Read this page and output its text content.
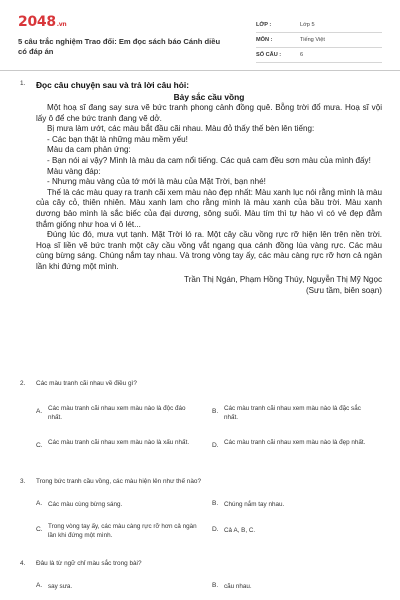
2048.vn
5 câu trắc nghiệm Trao đổi: Em đọc sách báo Cánh diều có đáp án
LỚP :	Lớp 5
MÔN :	Tiếng Việt
SỐ CÂU :	6
1. Đọc câu chuyện sau và trả lời câu hỏi:
Bảy sắc cầu vồng

Một hoạ sĩ đang say sưa vẽ bức tranh phong cảnh đồng quê. Bỗng trời đổ mưa. Hoạ sĩ vội lấy ô để che bức tranh đang vẽ dở.

Bị mưa làm ướt, các màu bắt đầu cãi nhau. Màu đỏ thấy thế bèn lên tiếng:

- Các bạn thật là những màu mềm yếu!

Màu da cam phản ứng:

- Bạn nói ai vậy? Mình là màu da cam nổi tiếng. Các quả cam đều sơn màu của mình đấy!

Màu vàng đáp:

- Nhưng màu vàng của tớ mới là màu của Mặt Trời, bạn nhé!

Thế là các màu quay ra tranh cãi xem màu nào đẹp nhất: Màu xanh lục nói rằng mình là màu của cây cỏ, thiên nhiên. Màu xanh lam cho rằng mình là màu xanh của bầu trời. Màu xanh dương bảo mình là sắc biếc của đại dương, sông suối. Màu tím thì tự hào vì có vẻ đẹp đằm thắm giống như hoa vi ô lét...

Đúng lúc đó, mưa vụt tạnh. Mặt Trời ló ra. Một cây cầu vồng rực rỡ hiện lên trên nền trời. Hoạ sĩ liền vẽ bức tranh một cây cầu vồng vắt ngang qua cánh đồng lúa vàng rực. Các màu cùng bừng sáng. Chúng nắm tay nhau. Và trong vòng tay ấy, các màu càng rực rỡ hơn cả ngàn lần khi đứng một mình.

Trần Thị Ngán, Phạm Hồng Thúy, Nguyễn Thị Mỹ Ngọc
(Sưu tầm, biên soạn)
2. Các màu tranh cãi nhau về điều gì?
A. Các màu tranh cãi nhau xem màu nào là độc đáo nhất.
B. Các màu tranh cãi nhau xem màu nào là đặc sắc nhất.
C. Các màu tranh cãi nhau xem màu nào là xấu nhất.	D. Các màu tranh cãi nhau xem màu nào là đẹp nhất.
3. Trong bức tranh cầu vồng, các màu hiện lên như thế nào?
A. Các màu cùng bừng sáng.	B. Chúng nắm tay nhau.
C. Trong vòng tay ấy, các màu càng rực rỡ hơn cả ngàn lần khi đứng một mình.
D. Cả A, B, C.
4. Đâu là từ ngữ chỉ màu sắc trong bài?
A. say sưa.	B. cãu nhau.
